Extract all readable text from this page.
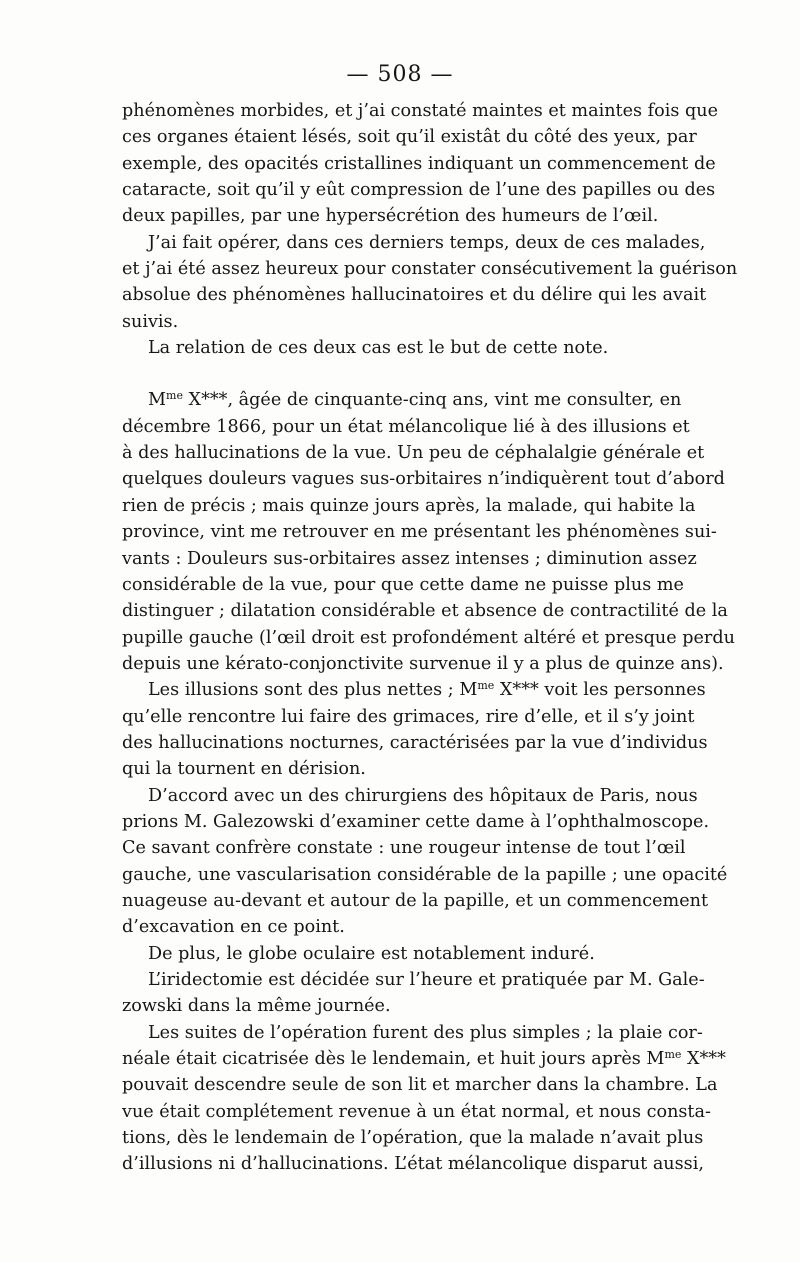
— 508 —
phénomènes morbides, et j’ai constaté maintes et maintes fois que
ces organes étaient lésés, soit qu’il existât du côté des yeux, par
exemple, des opacités cristallines indiquant un commencement de
cataracte, soit qu’il y eût compression de l’une des papilles ou des
deux papilles, par une hypersécrétion des humeurs de l’œil.
J’ai fait opérer, dans ces derniers temps, deux de ces malades,
et j’ai été assez heureux pour constater consécutivement la guérison
absolue des phénomènes hallucinatoires et du délire qui les avait
suivis.
La relation de ces deux cas est le but de cette note.
$M^{me}$ X***, âgée de cinquante-cinq ans, vint me consulter, en
décembre 1866, pour un état mélancolique lié à des illusions et
à des hallucinations de la vue. Un peu de céphalalgie générale et
quelques douleurs vagues sus-orbitaires n’indiquèrent tout d’abord
rien de précis ; mais quinze jours après, la malade, qui habite la
province, vint me retrouver en me présentant les phénomènes sui-
vants : Douleurs sus-orbitaires assez intenses ; diminution assez
considérable de la vue, pour que cette dame ne puisse plus me
distinguer ; dilatation considérable et absence de contractilité de la
pupille gauche (l’œil droit est profondément altéré et presque perdu
depuis une kérato-conjonctivite survenue il y a plus de quinze ans).
Les illusions sont des plus nettes ; $M^{me}$ X*** voit les personnes
qu’elle rencontre lui faire des grimaces, rire d’elle, et il s’y joint
des hallucinations nocturnes, caractérisées par la vue d’individus
qui la tournent en dérision.
D’accord avec un des chirurgiens des hôpitaux de Paris, nous
prions M. Galezowski d’examiner cette dame à l’ophthalmoscope.
Ce savant confrère constate : une rougeur intense de tout l’œil
gauche, une vascularisation considérable de la papille ; une opacité
nuageuse au-devant et autour de la papille, et un commencement
d’excavation en ce point.
De plus, le globe oculaire est notablement induré.
L’iridectomie est décidée sur l’heure et pratiquée par M. Gale-
zowski dans la même journée.
Les suites de l’opération furent des plus simples ; la plaie cor-
néale était cicatrisée dès le lendemain, et huit jours après $M^{me}$ X***
pouvait descendre seule de son lit et marcher dans la chambre. La
vue était complétement revenue à un état normal, et nous consta-
tions, dès le lendemain de l’opération, que la malade n’avait plus
d’illusions ni d’hallucinations. L’état mélancolique disparut aussi,
